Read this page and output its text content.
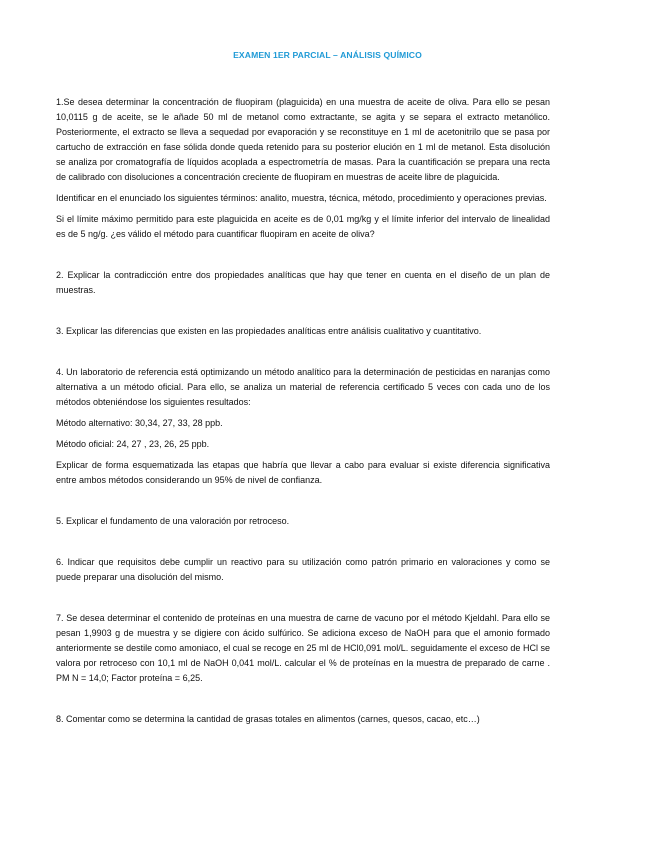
EXAMEN 1ER PARCIAL – ANÁLISIS QUÍMICO

1.Se desea determinar la concentración de fluopiram (plaguicida) en una muestra de aceite de oliva. Para ello se pesan 10,0115 g de aceite, se le añade 50 ml de metanol como extractante, se agita y se separa el extracto metanólico. Posteriormente, el extracto se lleva a sequedad por evaporación y se reconstituye en 1 ml de acetonitrilo que se pasa por cartucho de extracción en fase sólida donde queda retenido para su posterior elución en 1 ml de metanol. Esta disolución se analiza por cromatografía de líquidos acoplada a espectrometría de masas. Para la cuantificación se prepara una recta de calibrado con disoluciones a concentración creciente de fluopiram en muestras de aceite libre de plaguicida.

Identificar en el enunciado los siguientes términos: analito, muestra, técnica, método, procedimiento y operaciones previas.

Si el límite máximo permitido para este plaguicida en aceite es de 0,01 mg/kg y el límite inferior del intervalo de linealidad es de 5 ng/g. ¿es válido el método para cuantificar fluopiram en aceite de oliva?

2. Explicar la contradicción entre dos propiedades analíticas que hay que tener en cuenta en el diseño de un plan de muestras.

3. Explicar las diferencias que existen en las propiedades analíticas entre análisis cualitativo y cuantitativo.

4. Un laboratorio de referencia está optimizando un método analítico para la determinación de pesticidas en naranjas como alternativa a un método oficial. Para ello, se analiza un material de referencia certificado 5 veces con cada uno de los métodos obteniéndose los siguientes resultados:

Método alternativo: 30,34, 27, 33, 28 ppb.

Método oficial: 24, 27 , 23, 26, 25 ppb.

Explicar de forma esquematizada las etapas que habría que llevar a cabo para evaluar si existe diferencia significativa entre ambos métodos considerando un 95% de nivel de confianza.

5. Explicar el fundamento de una valoración por retroceso.

6. Indicar que requisitos debe cumplir un reactivo para su utilización como patrón primario en valoraciones y como se puede preparar una disolución del mismo.

7. Se desea determinar el contenido de proteínas en una muestra de carne de vacuno por el método Kjeldahl. Para ello se pesan 1,9903 g de muestra y se digiere con ácido sulfúrico. Se adiciona exceso de NaOH para que el amonio formado anteriormente se destile como amoniaco, el cual se recoge en 25 ml de HCl0,091 mol/L. seguidamente el exceso de HCl se valora por retroceso con 10,1 ml de NaOH 0,041 mol/L. calcular el % de proteínas en la muestra de preparado de carne . PM N = 14,0; Factor proteína = 6,25.

8. Comentar como se determina la cantidad de grasas totales en alimentos (carnes, quesos, cacao, etc…)
